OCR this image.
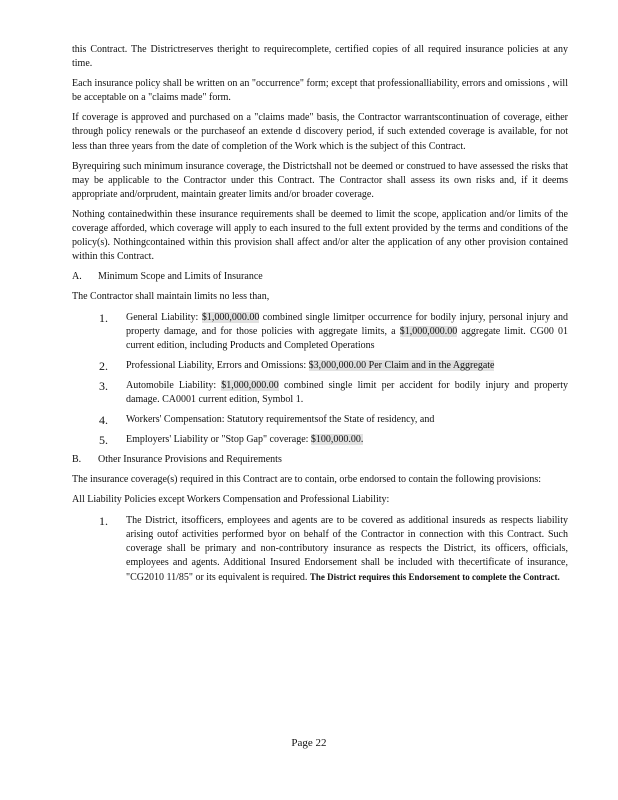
this Contract. The Districtreserves theright to requirecomplete, certified copies of all required insurance policies at any time.

Each insurance policy shall be written on an "occurrence" form; except that professionalliability, errors and omissions , will be acceptable on a "claims made" form.

If coverage is approved and purchased on a "claims made" basis, the Contractor warrantscontinuation of coverage, either through policy renewals or the purchaseof an extende d discovery period, if such extended coverage is available, for not less than three years from the date of completion of the Work which is the subject of this Contract.

Byrequiring such minimum insurance coverage, the Districtshall not be deemed or construed to have assessed the risks that may be applicable to the Contractor under this Contract. The Contractor shall assess its own risks and, if it deems appropriate and/orprudent, maintain greater limits and/or broader coverage.

Nothing containedwithin these insurance requirements shall be deemed to limit the scope, application and/or limits of the coverage afforded, which coverage will apply to each insured to the full extent provided by the terms and conditions of the policy(s). Nothingcontained within this provision shall affect and/or alter the application of any other provision contained within this Contract.

A.	Minimum Scope and Limits of Insurance

The Contractor shall maintain limits no less than,

1.	General Liability: $1,000,000.00 combined single limitper occurrence for bodily injury, personal injury and property damage, and for those policies with aggregate limits, a $1,000,000.00 aggregate limit. CG00 01 current edition, including Products and Completed Operations
2.	Professional Liability, Errors and Omissions: $3,000,000.00 Per Claim and in the Aggregate
3.	Automobile Liability: $1,000,000.00 combined single limit per accident for bodily injury and property damage. CA0001 current edition, Symbol 1.
4.	Workers' Compensation: Statutory requirementsof the State of residency, and
5.	Employers' Liability or "Stop Gap" coverage: $100,000.00.
B.	Other Insurance Provisions and Requirements

The insurance coverage(s) required in this Contract are to contain, orbe endorsed to contain the following provisions:

All Liability Policies except Workers Compensation and Professional Liability:

1.	The District, itsofficers, employees and agents are to be covered as additional insureds as respects liability arising outof activities performed byor on behalf of the Contractor in connection with this Contract. Such coverage shall be primary and non-contributory insurance as respects the District, its officers, officials, employees and agents. Additional Insured Endorsement shall be included with thecertificate of insurance, "CG2010 11/85" or its equivalent is required. The District requires this Endorsement to complete the Contract.
Page 22
